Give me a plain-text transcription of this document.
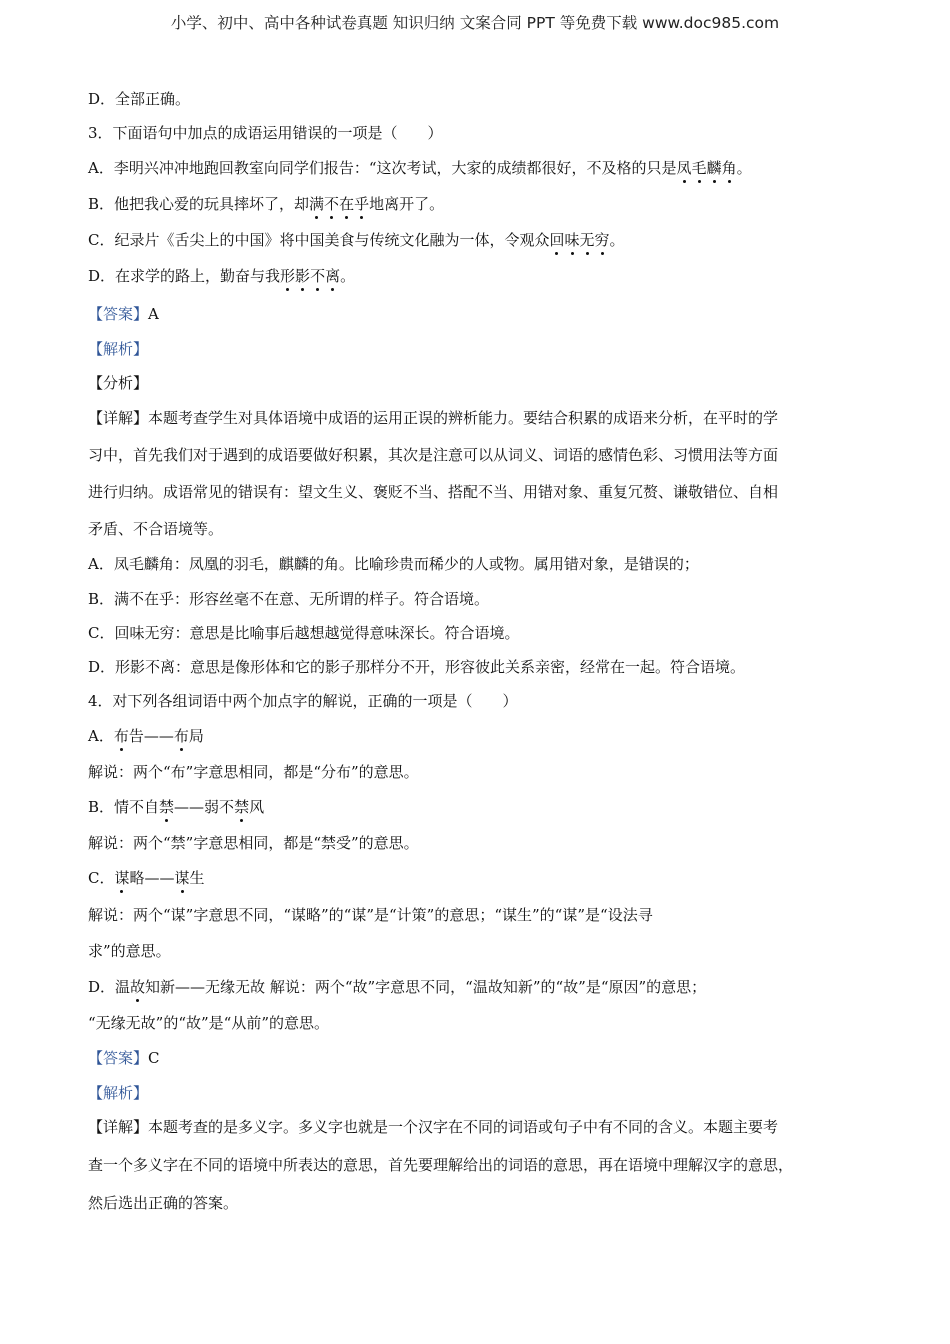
小学、初中、高中各种试卷真题 知识归纳 文案合同 PPT 等免费下载 www.doc985.com
D．全部正确。
3．下面语句中加点的成语运用错误的一项是（　　）
A．李明兴冲冲地跑回教室向同学们报告：“这次考试，大家的成绩都很好，不及格的只是凤毛麟角。
B．他把我心爱的玩具摔坏了，却满不在乎地离开了。
C．纪录片《舌尖上的中国》将中国美食与传统文化融为一体，令观众回味无穷。
D．在求学的路上，勤奋与我形影不离。
【答案】A
【解析】
【分析】
【详解】本题考查学生对具体语境中成语的运用正误的辨析能力。要结合积累的成语来分析，在平时的学
习中，首先我们对于遇到的成语要做好积累，其次是注意可以从词义、词语的感情色彩、习惯用法等方面
进行归纳。成语常见的错误有：望文生义、褒贬不当、搭配不当、用错对象、重复冗赘、谦敬错位、自相
矛盾、不合语境等。
A．凤毛麟角：凤凰的羽毛，麒麟的角。比喻珍贵而稀少的人或物。属用错对象，是错误的；
B．满不在乎：形容丝毫不在意、无所谓的样子。符合语境。
C．回味无穷：意思是比喻事后越想越觉得意味深长。符合语境。
D．形影不离：意思是像形体和它的影子那样分不开，形容彼此关系亲密，经常在一起。符合语境。
4．对下列各组词语中两个加点字的解说，正确的一项是（　　）
A．布告——布局
解说：两个“布”字意思相同，都是“分布”的意思。
B．情不自禁——弱不禁风
解说：两个“禁”字意思相同，都是“禁受”的意思。
C．谋略——谋生
解说：两个“谋”字意思不同，“谋略”的“谋”是“计策”的意思；“谋生”的“谋”是“设法寻
求”的意思。
D．温故知新——无缘无故 解说：两个“故”字意思不同，“温故知新”的“故”是“原因”的意思；
“无缘无故”的“故”是“从前”的意思。
【答案】C
【解析】
【详解】本题考查的是多义字。多义字也就是一个汉字在不同的词语或句子中有不同的含义。本题主要考
查一个多义字在不同的语境中所表达的意思，首先要理解给出的词语的意思，再在语境中理解汉字的意思，
然后选出正确的答案。
